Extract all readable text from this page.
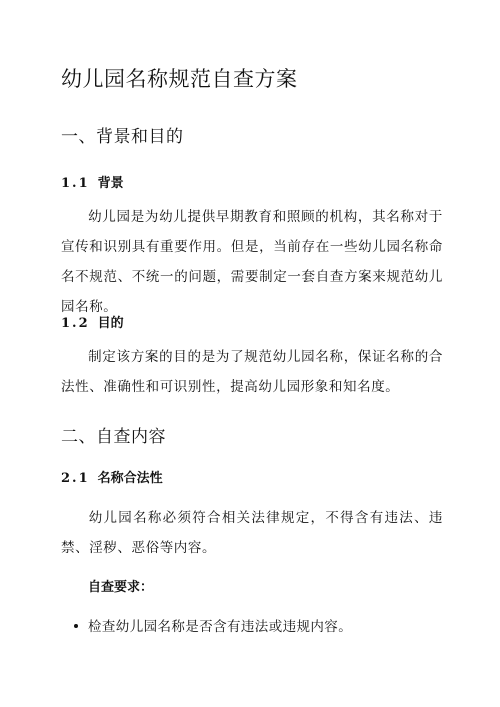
幼儿园名称规范自查方案
一、背景和目的
1.1 背景
幼儿园是为幼儿提供早期教育和照顾的机构，其名称对于宣传和识别具有重要作用。但是，当前存在一些幼儿园名称命名不规范、不统一的问题，需要制定一套自查方案来规范幼儿园名称。
1.2 目的
制定该方案的目的是为了规范幼儿园名称，保证名称的合法性、准确性和可识别性，提高幼儿园形象和知名度。
二、自查内容
2.1 名称合法性
幼儿园名称必须符合相关法律规定，不得含有违法、违禁、淫秽、恶俗等内容。
自查要求：
检查幼儿园名称是否含有违法或违规内容。
